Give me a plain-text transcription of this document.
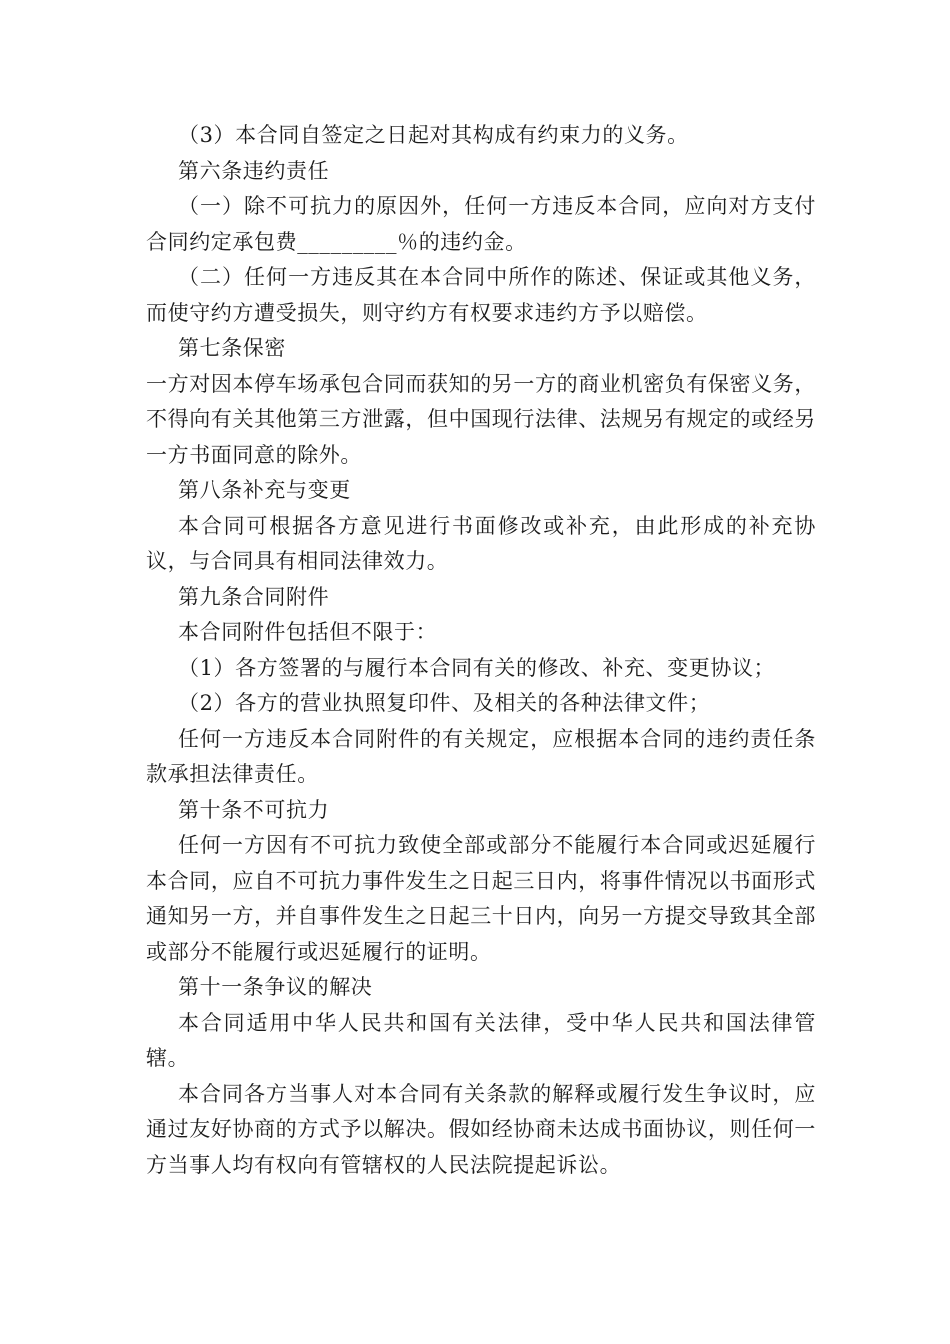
（3）本合同自签定之日起对其构成有约束力的义务。

第六条违约责任

（一）除不可抗力的原因外，任何一方违反本合同，应向对方支付合同约定承包费_________％的违约金。

（二）任何一方违反其在本合同中所作的陈述、保证或其他义务，而使守约方遭受损失，则守约方有权要求违约方予以赔偿。

第七条保密

一方对因本停车场承包合同而获知的另一方的商业机密负有保密义务，不得向有关其他第三方泄露，但中国现行法律、法规另有规定的或经另一方书面同意的除外。

第八条补充与变更

本合同可根据各方意见进行书面修改或补充，由此形成的补充协议，与合同具有相同法律效力。

第九条合同附件

本合同附件包括但不限于：

（1）各方签署的与履行本合同有关的修改、补充、变更协议；

（2）各方的营业执照复印件、及相关的各种法律文件；

任何一方违反本合同附件的有关规定，应根据本合同的违约责任条款承担法律责任。

第十条不可抗力

任何一方因有不可抗力致使全部或部分不能履行本合同或迟延履行本合同，应自不可抗力事件发生之日起三日内，将事件情况以书面形式通知另一方，并自事件发生之日起三十日内，向另一方提交导致其全部或部分不能履行或迟延履行的证明。

第十一条争议的解决

本合同适用中华人民共和国有关法律，受中华人民共和国法律管辖。

本合同各方当事人对本合同有关条款的解释或履行发生争议时，应通过友好协商的方式予以解决。假如经协商未达成书面协议，则任何一方当事人均有权向有管辖权的人民法院提起诉讼。
